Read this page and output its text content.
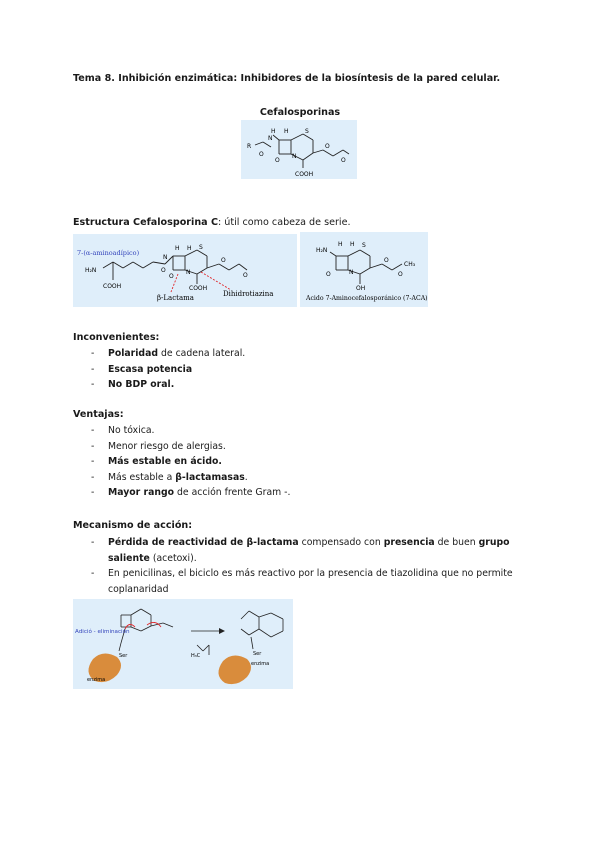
Tema 8. Inhibición enzimática: Inhibidores de la biosíntesis de la pared celular.
Cefalosporinas
H H
N
S
R
O
O
N
O
O
COOH
Estructura Cefalosporina C: útil como cabeza de serie.
7-(α-aminoadípico)
H₂N
COOH
H H
N
S
N
O
O
O
COOH
O
β-Lactama	Dihidrotiazina
H₂N
H H S
N
O
O
CH₃
OH
O
Acido 7-Aminocefalosporánico (7-ACA)
Inconvenientes:
- Polaridad de cadena lateral.
- Escasa potencia
- No BDP oral.
Ventajas:
- No tóxica.
- Menor riesgo de alergias.
- Más estable en ácido.
- Más estable a β-lactamasas.
- Mayor rango de acción frente Gram -.
Mecanismo de acción:
- Pérdida de reactividad de β-lactama compensado con presencia de buen grupo saliente (acetoxi).
- En penicilinas, el biciclo es más reactivo por la presencia de tiazolidina que no permite coplanaridad
Adició - eliminación
enzima
enzima
Ser	Ser
H₃C
